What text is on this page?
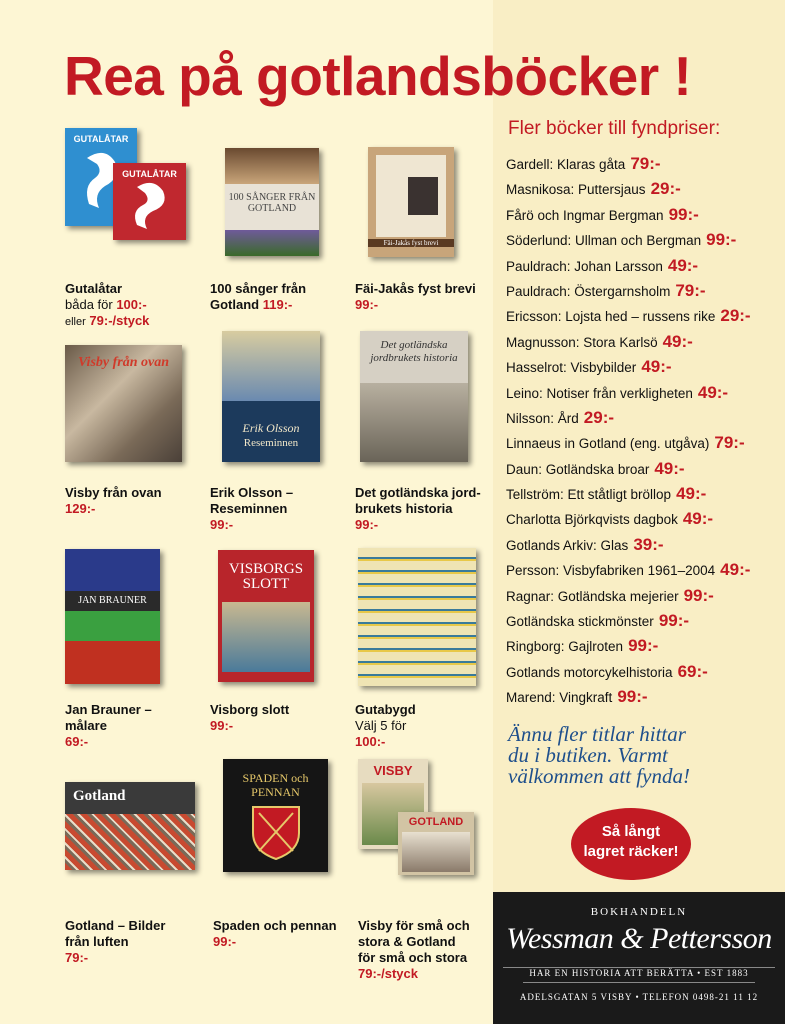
Rea på gotlandsböcker !
GUTALÅTAR
GUTALÅTAR
100 SÅNGER FRÅN GOTLAND
Fäi-Jakås fyst brevi
Visby från ovan
Erik Olsson
Reseminnen
Det gotländska jordbrukets historia
JAN BRAUNER
VISBORGS SLOTT
Gotland
SPADEN och PENNAN
VISBY
GOTLAND
Gutalåtar
båda för 100:-
eller 79:-/styck
100 sånger från Gotland 119:-
Fäi-Jakås fyst brevi
99:-
Visby från ovan
129:-
Erik Olsson –
Reseminnen
99:-
Det gotländska jord-
brukets historia
99:-
Jan Brauner –
målare
69:-
Visborg slott
99:-
Gutabygd
Välj 5 för
100:-
Gotland – Bilder
från luften
79:-
Spaden och pennan
99:-
Visby för små och
stora & Gotland
för små och stora
79:-/styck
Fler böcker till fyndpriser:
Gardell: Klaras gåta 79:-
Masnikosa: Puttersjaus 29:-
Fårö och Ingmar Bergman 99:-
Söderlund: Ullman och Bergman 99:-
Pauldrach: Johan Larsson 49:-
Pauldrach: Östergarnsholm 79:-
Ericsson: Lojsta hed – russens rike 29:-
Magnusson: Stora Karlsö 49:-
Hasselrot: Visbybilder 49:-
Leino: Notiser från verkligheten 49:-
Nilsson: Ård 29:-
Linnaeus in Gotland (eng. utgåva) 79:-
Daun: Gotländska broar 49:-
Tellström: Ett ståtligt bröllop 49:-
Charlotta Björkqvists dagbok 49:-
Gotlands Arkiv: Glas 39:-
Persson: Visbyfabriken 1961–2004 49:-
Ragnar: Gotländska mejerier 99:-
Gotländska stickmönster 99:-
Ringborg: Gajlroten 99:-
Gotlands motorcykelhistoria 69:-
Marend: Vingkraft 99:-
Ännu fler titlar hittar
du i butiken. Varmt
välkommen att fynda!
Så långt
lagret räcker!
BOKHANDELN
Wessman & Pettersson
HAR EN HISTORIA ATT BERÄTTA • EST 1883
ADELSGATAN 5 VISBY • TELEFON 0498-21 11 12
